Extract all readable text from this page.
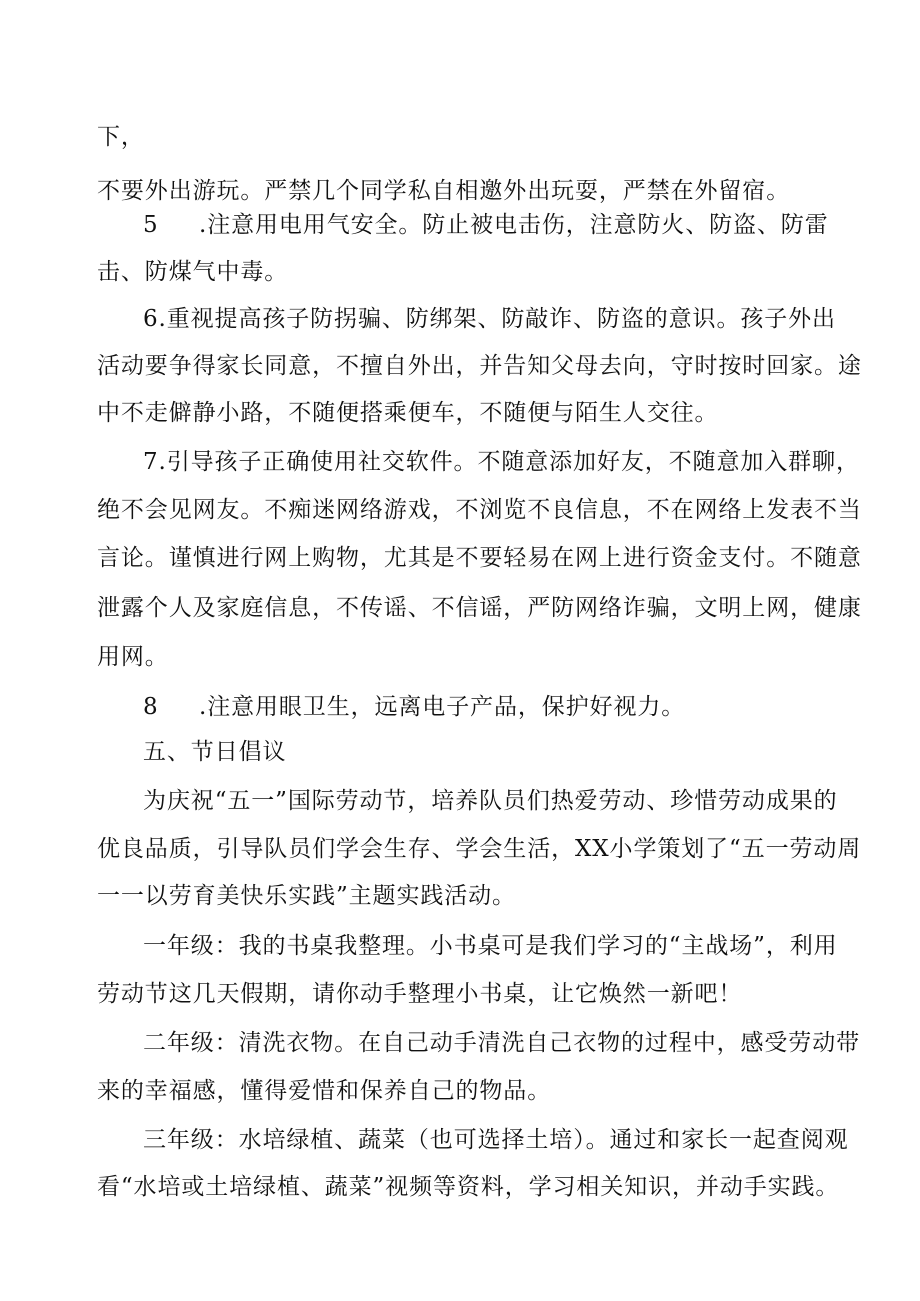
下，
不要外出游玩。严禁几个同学私自相邀外出玩耍，严禁在外留宿。
5 .注意用电用气安全。防止被电击伤，注意防火、防盗、防雷
击、防煤气中毒。
6.重视提高孩子防拐骗、防绑架、防敲诈、防盗的意识。孩子外出
活动要争得家长同意，不擅自外出，并告知父母去向，守时按时回家。途
中不走僻静小路，不随便搭乘便车，不随便与陌生人交往。
7.引导孩子正确使用社交软件。不随意添加好友，不随意加入群聊，
绝不会见网友。不痴迷网络游戏，不浏览不良信息，不在网络上发表不当
言论。谨慎进行网上购物，尤其是不要轻易在网上进行资金支付。不随意
泄露个人及家庭信息，不传谣、不信谣，严防网络诈骗，文明上网，健康
用网。
8 .注意用眼卫生，远离电子产品，保护好视力。
五、节日倡议
为庆祝“五一”国际劳动节，培养队员们热爱劳动、珍惜劳动成果的
优良品质，引导队员们学会生存、学会生活，XX小学策划了“五一劳动周
一一以劳育美快乐实践”主题实践活动。
一年级：我的书桌我整理。小书桌可是我们学习的“主战场”，利用
劳动节这几天假期，请你动手整理小书桌，让它焕然一新吧！
二年级：清洗衣物。在自己动手清洗自己衣物的过程中，感受劳动带
来的幸福感，懂得爱惜和保养自己的物品。
三年级：水培绿植、蔬菜（也可选择土培）。通过和家长一起查阅观
看“水培或土培绿植、蔬菜”视频等资料，学习相关知识，并动手实践。
